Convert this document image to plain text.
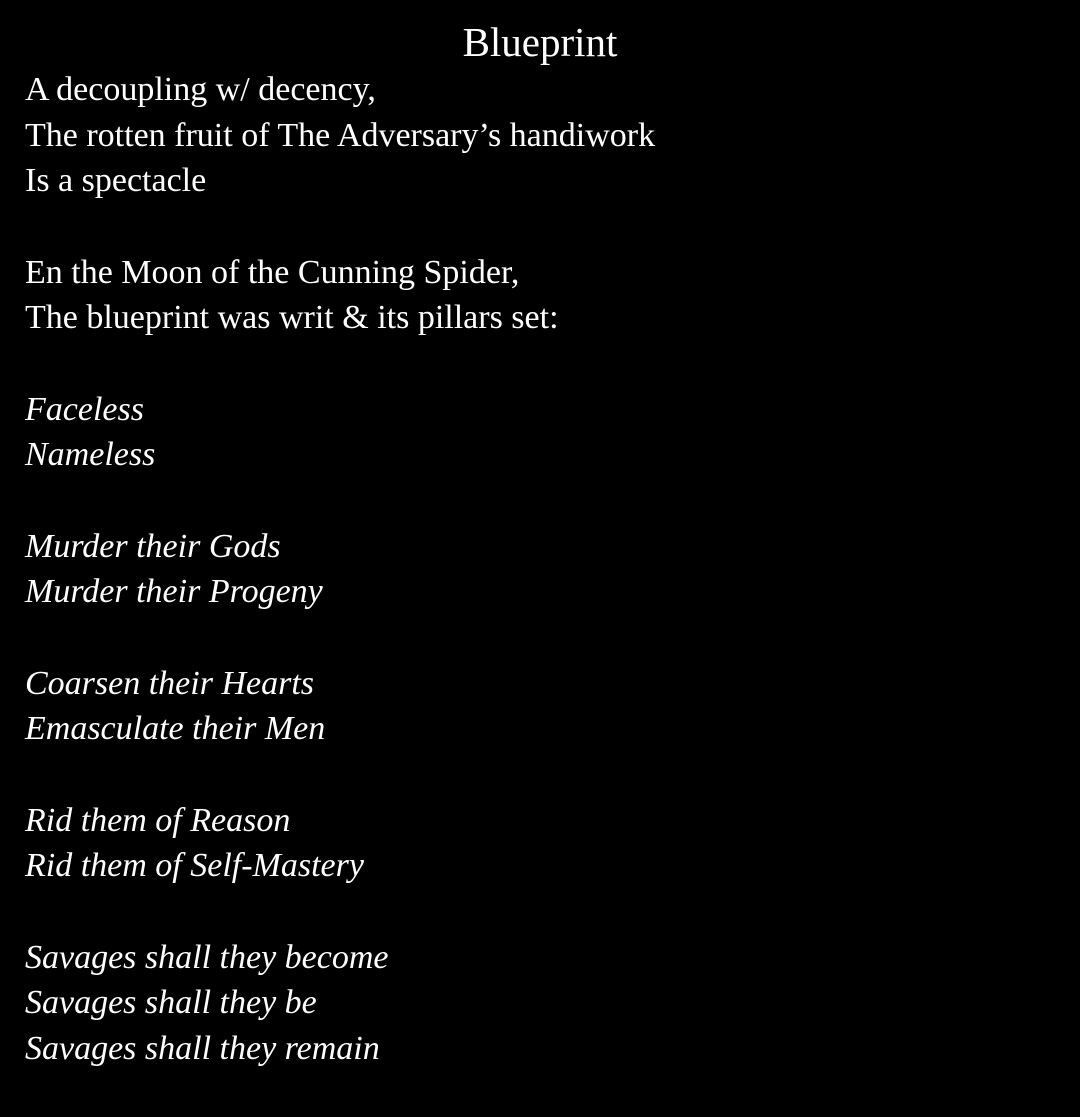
Blueprint
A decoupling w/ decency,
The rotten fruit of The Adversary’s handiwork
Is a spectacle
En the Moon of the Cunning Spider,
The blueprint was writ & its pillars set:
Faceless
Nameless
Murder their Gods
Murder their Progeny
Coarsen their Hearts
Emasculate their Men
Rid them of Reason
Rid them of Self-Mastery
Savages shall they become
Savages shall they be
Savages shall they remain
